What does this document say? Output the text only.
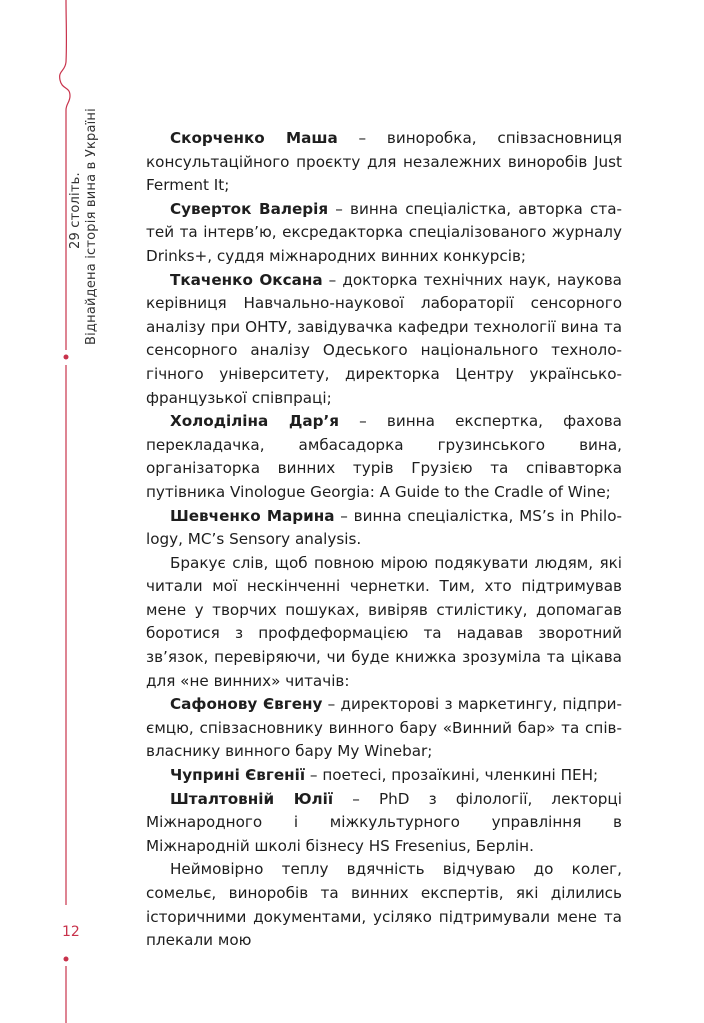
29 століть. Віднайдена історія вина в Україні
12

Скорченко Маша – винoробка, співзасновниця консультаційного проєкту для незалежних винoробів Just Ferment It;

Суверток Валерія – винна спеціалістка, авторка статей та інтерв’ю, ексредакторка спеціалізованого журналу Drinks+, суддя міжнародних винних конкурсів;

Ткаченко Оксана – докторка технічних наук, наукова керівниця Навчально-наукової лабораторії сенсорного аналізу при ОНТУ, завідувачка кафедри технології вина та сенсорного аналізу Одеського національного технологічного університету, директорка Центру українсько-французької співпраці;

Холоділіна Дар’я – винна експертка, фахова перекладачка, амбасадорка грузинського вина, організаторка винних турів Грузією та співавторка путівника Vinologue Georgia: A Guide to the Cradle of Wine;

Шевченко Марина – винна спеціалістка, MS’s in Philology, MC’s Sensory analysis.

Бракує слів, щоб повною мірою подякувати людям, які читали мої нескінченні чернетки. Тим, хто підтримував мене у творчих пошуках, вивіряв стилістику, допомагав боротися з профдеформацією та надавав зворотний зв’язок, перевіряючи, чи буде книжка зрозуміла та цікава для «не винних» читачів:

Сафонову Євгену – директорові з маркетингу, підприємцю, співзасновнику винного бару «Винний бар» та співвласнику винного бару My Winebar;

Чуприні Євгенії – поетесі, прозаїкині, членкині ПЕН;

Шталтовній Юлії – PhD з філології, лекторці Міжнародного і міжкультурного управління в Міжнародній школі бізнесу HS Fresenius, Берлін.

Неймовірно теплу вдячність відчуваю до колег, сомельє, винoробів та винних експертів, які ділились історичними документами, усіляко підтримували мене та плекали мою
